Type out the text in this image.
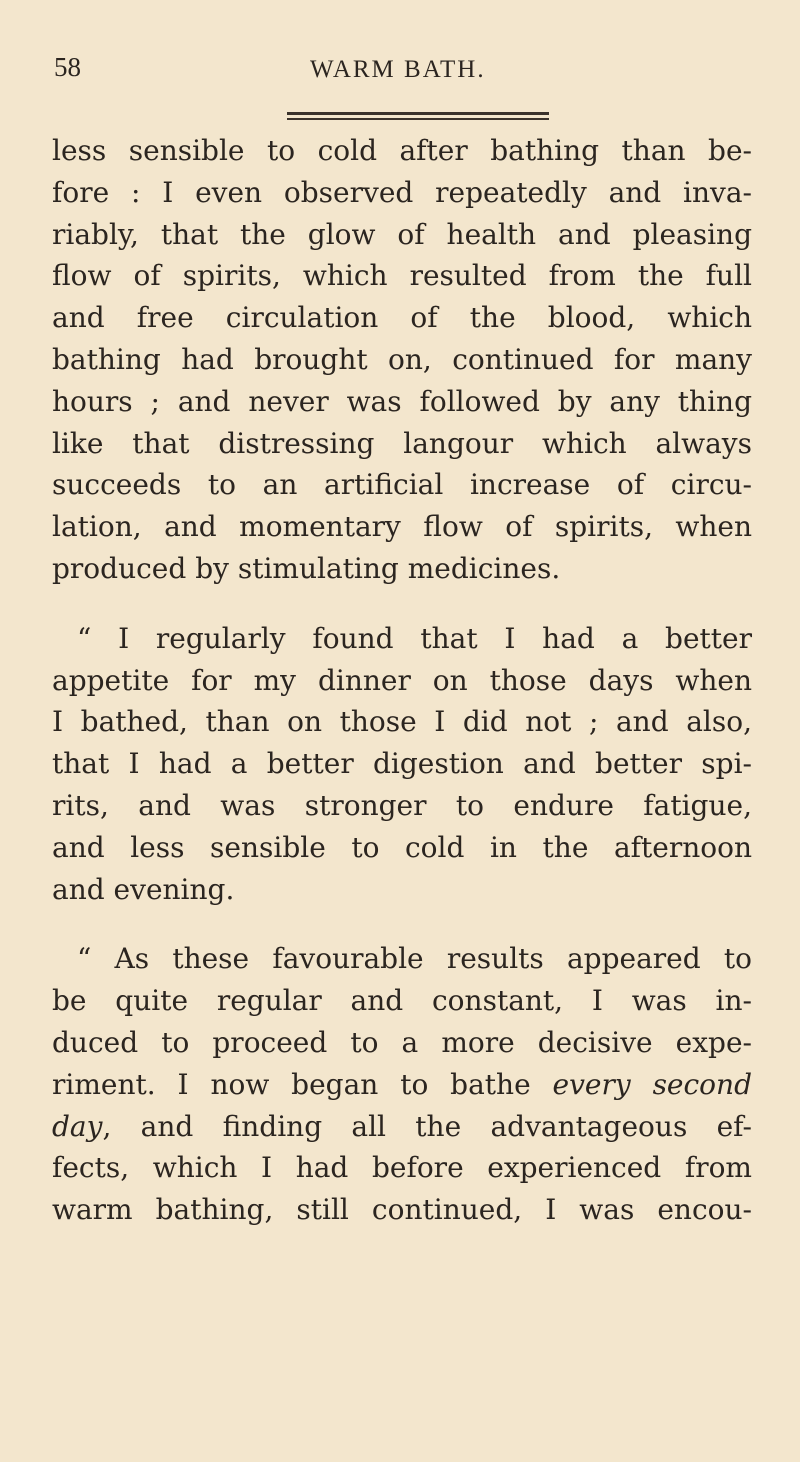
58	WARM BATH.
less sensible to cold after bathing than be-
fore : I even observed repeatedly and inva-
riably, that the glow of health and pleasing
flow of spirits, which resulted from the full
and free circulation of the blood, which
bathing had brought on, continued for many
hours ; and never was followed by any thing
like that distressing langour which always
succeeds to an artificial increase of circu-
lation, and momentary flow of spirits, when
produced by stimulating medicines.
“ I regularly found that I had a better
appetite for my dinner on those days when
I bathed, than on those I did not ; and also,
that I had a better digestion and better spi-
rits, and was stronger to endure fatigue,
and less sensible to cold in the afternoon
and evening.
“ As these favourable results appeared to
be quite regular and constant, I was in-
duced to proceed to a more decisive expe-
riment. I now began to bathe every second
day, and finding all the advantageous ef-
fects, which I had before experienced from
warm bathing, still continued, I was encou-
